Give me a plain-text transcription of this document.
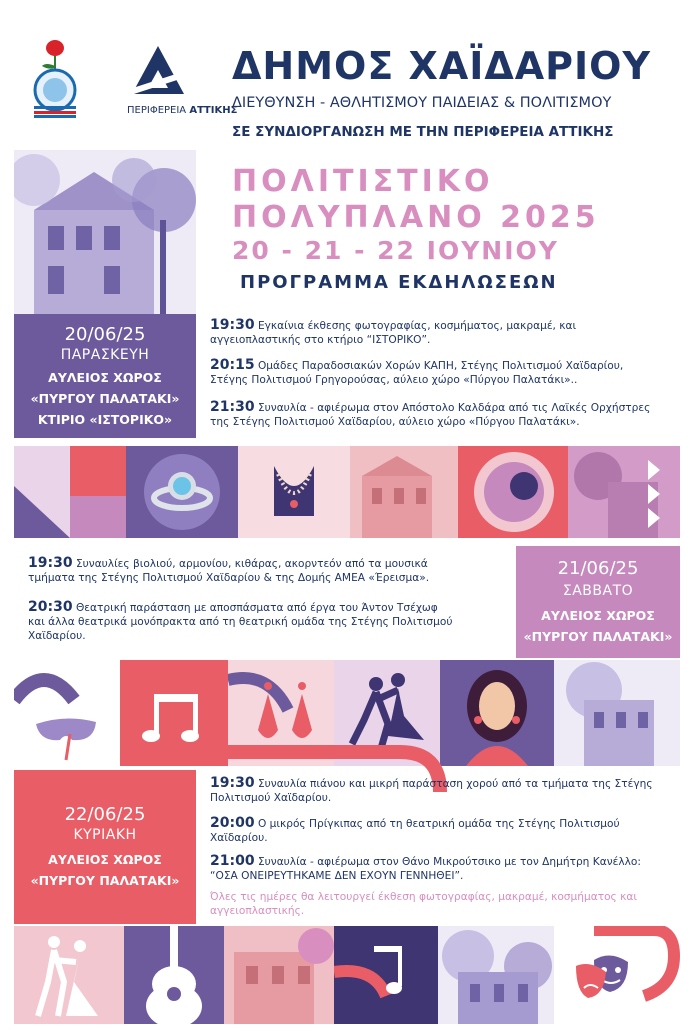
ΠΕΡΙΦΕΡΕΙΑ ΑΤΤΙΚΗΣ
ΔΗΜΟΣ ΧΑΪΔΑΡΙΟΥ
ΔΙΕΥΘΥΝΣΗ - ΑΘΛΗΤΙΣΜΟΥ ΠΑΙΔΕΙΑΣ & ΠΟΛΙΤΙΣΜΟΥ
ΣΕ ΣΥΝΔΙΟΡΓΑΝΩΣΗ ΜΕ ΤΗΝ ΠΕΡΙΦΕΡΕΙΑ ΑΤΤΙΚΗΣ
ΠΟΛΙΤΙΣΤΙΚΟ
ΠΟΛΥΠΛΑΝΟ 2025
20 - 21 - 22 ΙΟΥΝΙΟΥ
ΠΡΟΓΡΑΜΜΑ ΕΚΔΗΛΩΣΕΩΝ
20/06/25
ΠΑΡΑΣΚΕΥΗ
ΑΥΛΕΙΟΣ ΧΩΡΟΣ
«ΠΥΡΓΟΥ ΠΑΛΑΤΑΚΙ»
ΚΤΙΡΙΟ «ΙΣΤΟΡΙΚΟ»
19:30 Εγκαίνια έκθεσης φωτογραφίας, κοσμήματος, μακραμέ, και
αγγειοπλαστικής στο κτήριο “ΙΣΤΟΡΙΚΟ”.
20:15 Ομάδες Παραδοσιακών Χορών ΚΑΠΗ, Στέγης Πολιτισμού Χαϊδαρίου,
Στέγης Πολιτισμού Γρηγορούσας, αύλειο χώρο «Πύργου Παλατάκι»..
21:30 Συναυλία - αφιέρωμα στον Απόστολο Καλδάρα από τις Λαϊκές Ορχήστρες
της Στέγης Πολιτισμού Χαϊδαρίου, αύλειο χώρο «Πύργου Παλατάκι».
19:30 Συναυλίες βιολιού, αρμονίου, κιθάρας, ακορντεόν από τα μουσικά
τμήματα της Στέγης Πολιτισμού Χαϊδαρίου & της Δομής ΑΜΕΑ «Έρεισμα».
20:30 Θεατρική παράσταση με αποσπάσματα από έργα του Άντον Τσέχωφ
και άλλα θεατρικά μονόπρακτα από τη θεατρική ομάδα της Στέγης Πολιτισμού
Χαϊδαρίου.
21/06/25
ΣΑΒΒΑΤΟ
ΑΥΛΕΙΟΣ ΧΩΡΟΣ
«ΠΥΡΓΟΥ ΠΑΛΑΤΑΚΙ»
22/06/25
ΚΥΡΙΑΚΗ
ΑΥΛΕΙΟΣ ΧΩΡΟΣ
«ΠΥΡΓΟΥ ΠΑΛΑΤΑΚΙ»
19:30 Συναυλία πιάνου και μικρή παράσταση χορού από τα τμήματα της Στέγης
Πολιτισμού Χαϊδαρίου.
20:00 Ο μικρός Πρίγκιπας από τη θεατρική ομάδα της Στέγης Πολιτισμού
Χαϊδαρίου.
21:00 Συναυλία - αφιέρωμα στον Θάνο Μικρούτσικο με τον Δημήτρη Κανέλλο:
“ΟΣΑ ΟΝΕΙΡΕΥΤΗΚΑΜΕ ΔΕΝ ΕΧΟΥΝ ΓΕΝΝΗΘΕΙ”.
Όλες τις ημέρες θα λειτουργεί έκθεση φωτογραφίας, μακραμέ, κοσμήματος και
αγγειοπλαστικής.
